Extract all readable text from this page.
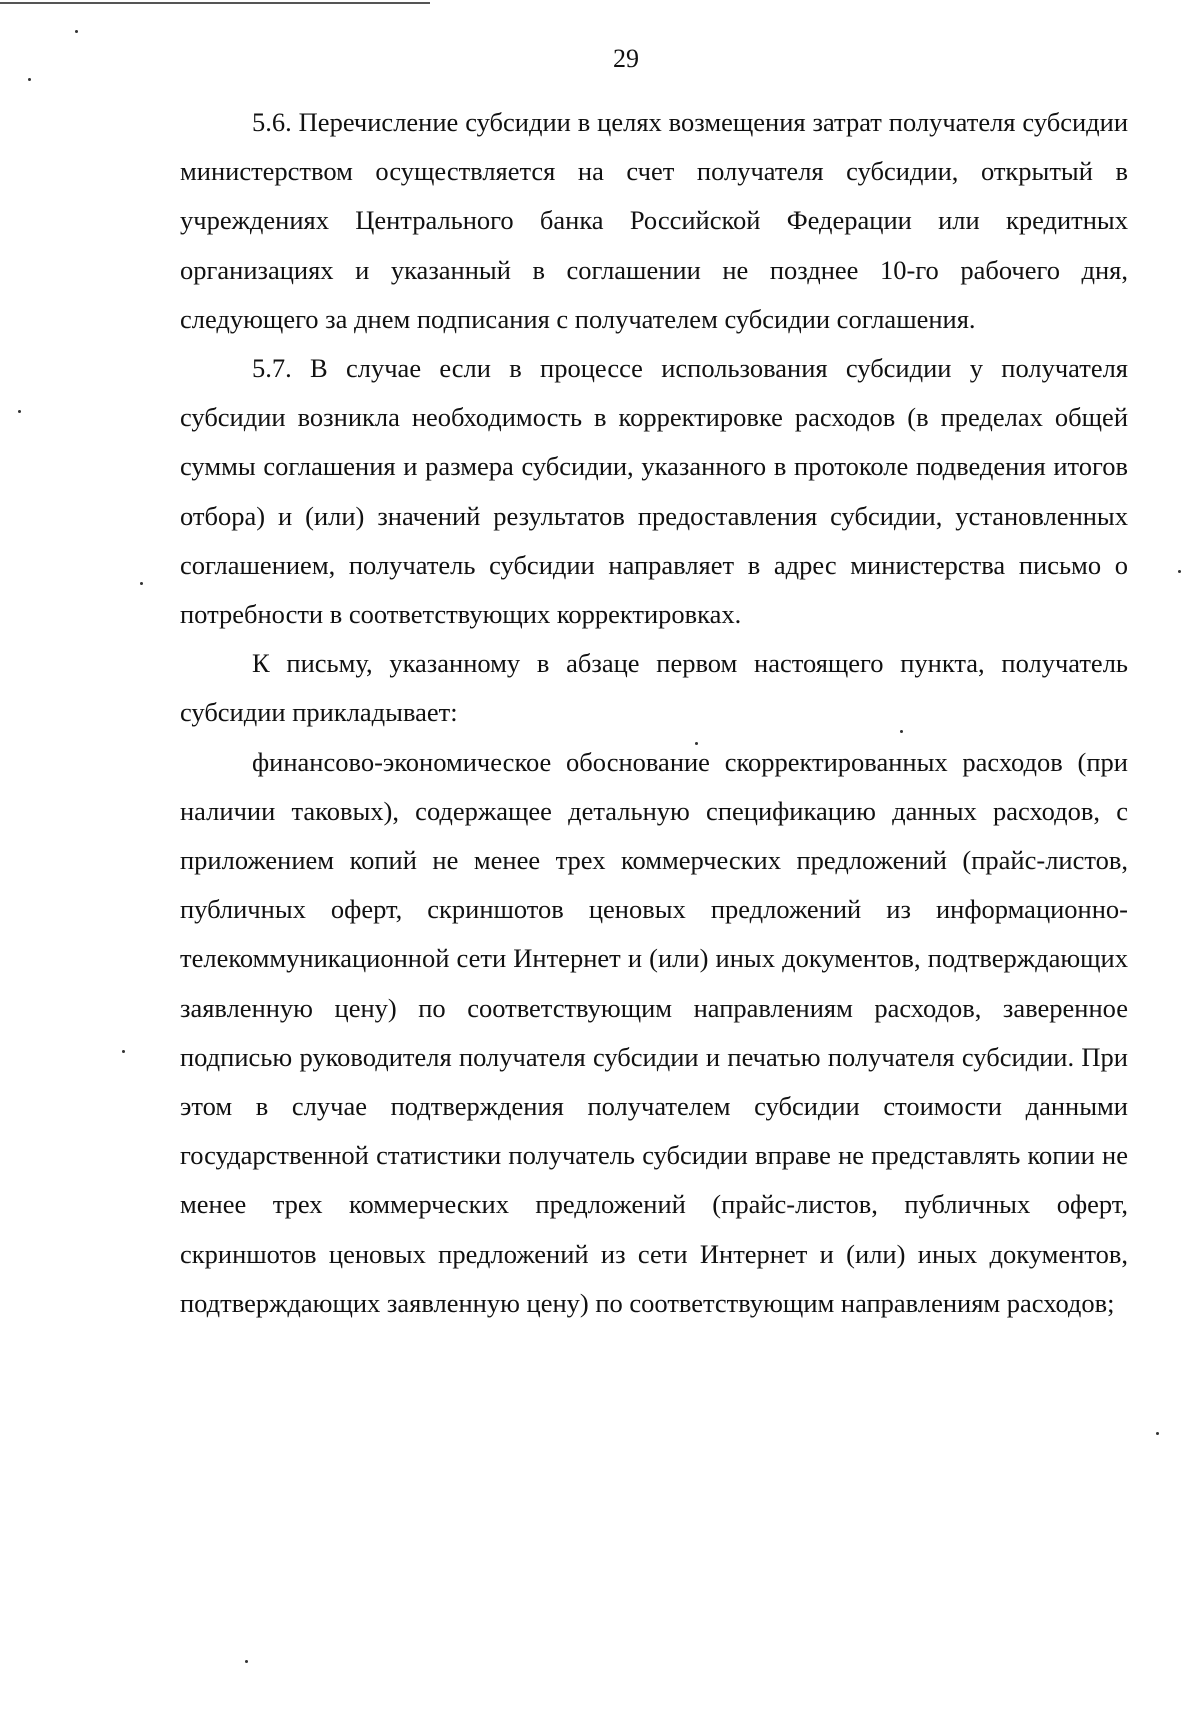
29

5.6. Перечисление субсидии в целях возмещения затрат получателя субсидии министерством осуществляется на счет получателя субсидии, открытый в учреждениях Центрального банка Российской Федерации или кредитных организациях и указанный в соглашении не позднее 10-го рабочего дня, следующего за днем подписания с получателем субсидии соглашения.

5.7. В случае если в процессе использования субсидии у получателя субсидии возникла необходимость в корректировке расходов (в пределах общей суммы соглашения и размера субсидии, указанного в протоколе подведения итогов отбора) и (или) значений результатов предоставления субсидии, установленных соглашением, получатель субсидии направляет в адрес министерства письмо о потребности в соответствующих корректировках.

К письму, указанному в абзаце первом настоящего пункта, получатель субсидии прикладывает:

финансово-экономическое обоснование скорректированных расходов (при наличии таковых), содержащее детальную спецификацию данных расходов, с приложением копий не менее трех коммерческих предложений (прайс-листов, публичных оферт, скриншотов ценовых предложений из информационно-телекоммуникационной сети Интернет и (или) иных документов, подтверждающих заявленную цену) по соответствующим направлениям расходов, заверенное подписью руководителя получателя субсидии и печатью получателя субсидии. При этом в случае подтверждения получателем субсидии стоимости данными государственной статистики получатель субсидии вправе не представлять копии не менее трех коммерческих предложений (прайс-листов, публичных оферт, скриншотов ценовых предложений из сети Интернет и (или) иных документов, подтверждающих заявленную цену) по соответствующим направлениям расходов;
